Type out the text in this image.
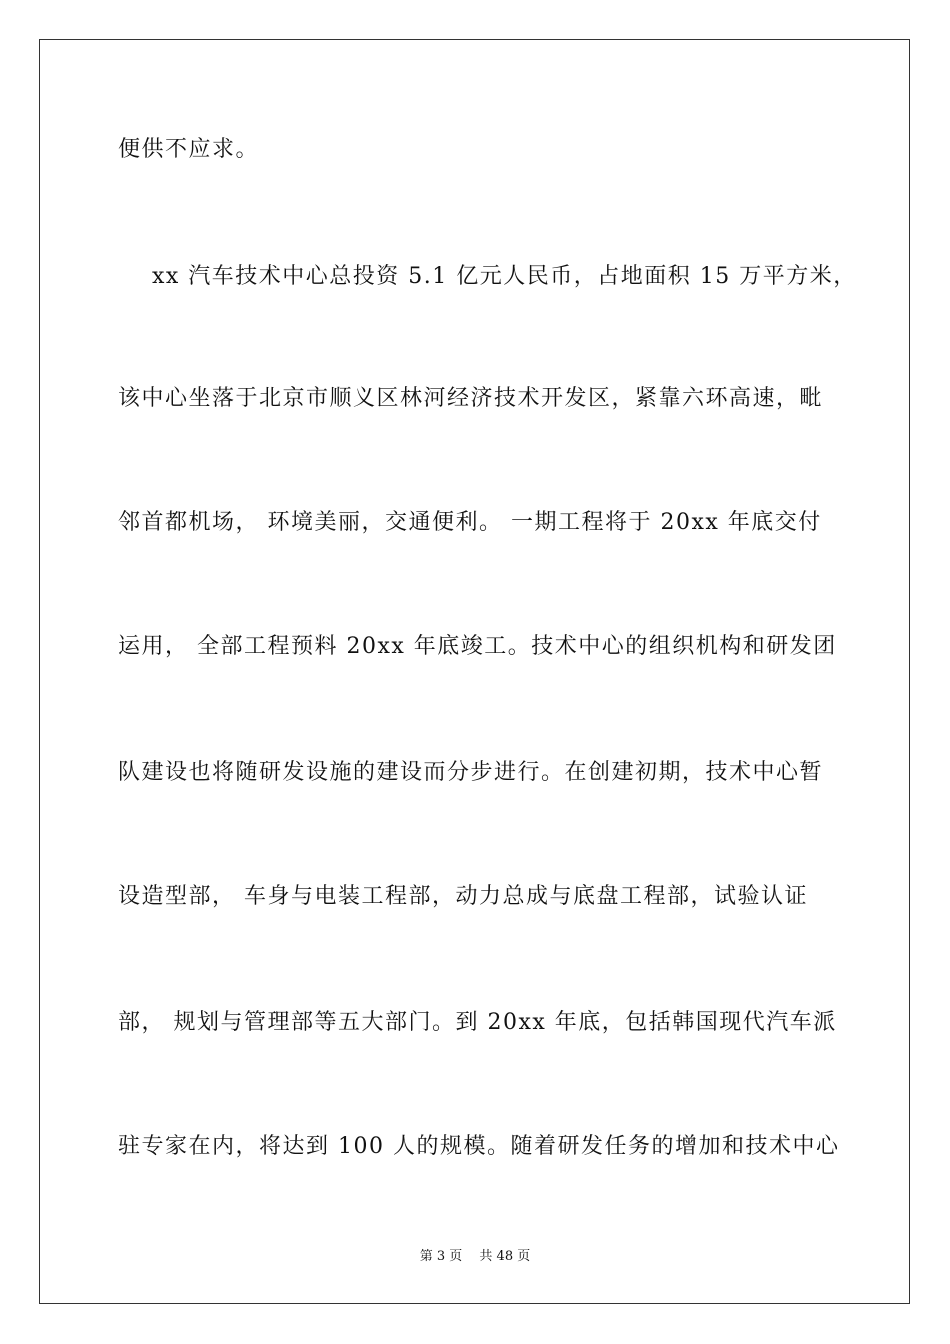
便供不应求。
xx 汽车技术中心总投资 5.1 亿元人民币，占地面积 15 万平方米，
该中心坐落于北京市顺义区林河经济技术开发区，紧靠六环高速，毗
邻首都机场， 环境美丽，交通便利。 一期工程将于 20xx 年底交付
运用， 全部工程预料 20xx 年底竣工。技术中心的组织机构和研发团
队建设也将随研发设施的建设而分步进行。在创建初期，技术中心暂
设造型部， 车身与电装工程部，动力总成与底盘工程部，试验认证
部， 规划与管理部等五大部门。到 20xx 年底，包括韩国现代汽车派
驻专家在内，将达到 100 人的规模。随着研发任务的增加和技术中心
第 3 页　 共 48 页
